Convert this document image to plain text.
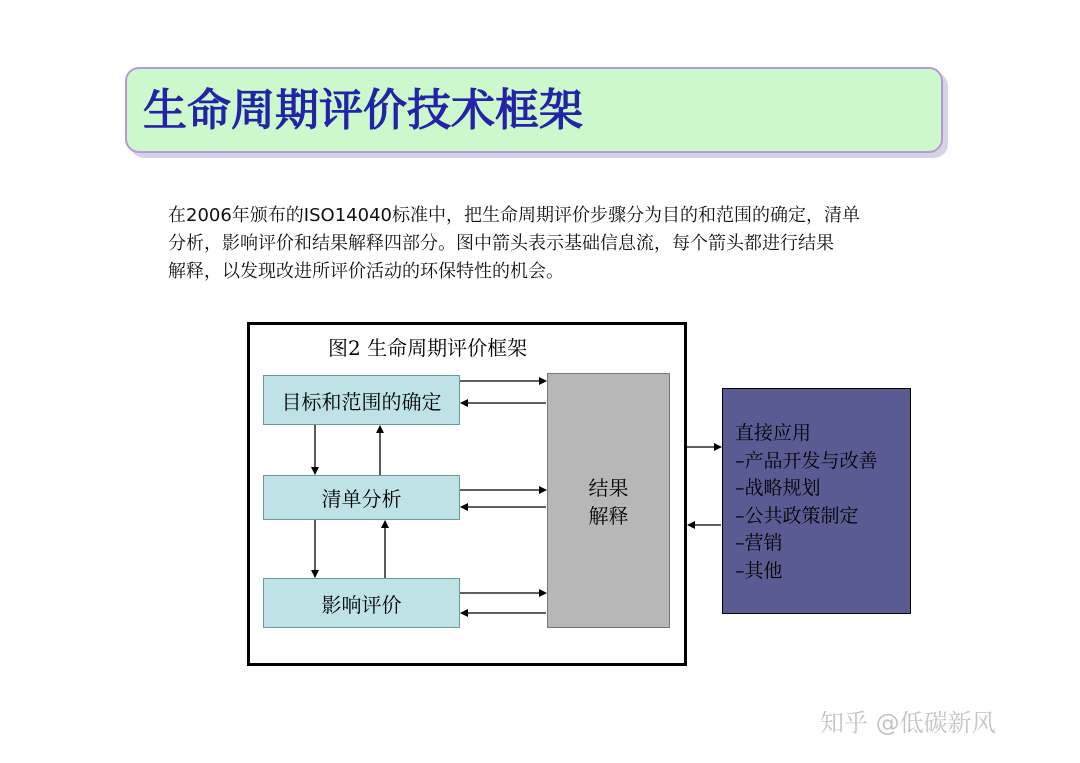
生命周期评价技术框架

在2006年颁布的ISO14040标准中，把生命周期评价步骤分为目的和范围的确定，清单
分析，影响评价和结果解释四部分。图中箭头表示基础信息流，每个箭头都进行结果
解释，以发现改进所评价活动的环保特性的机会。

图2 生命周期评价框架
目标和范围的确定
清单分析
影响评价
结果
解释
直接应用
–产品开发与改善
–战略规划
–公共政策制定
–营销
–其他
知乎 @低碳新风
